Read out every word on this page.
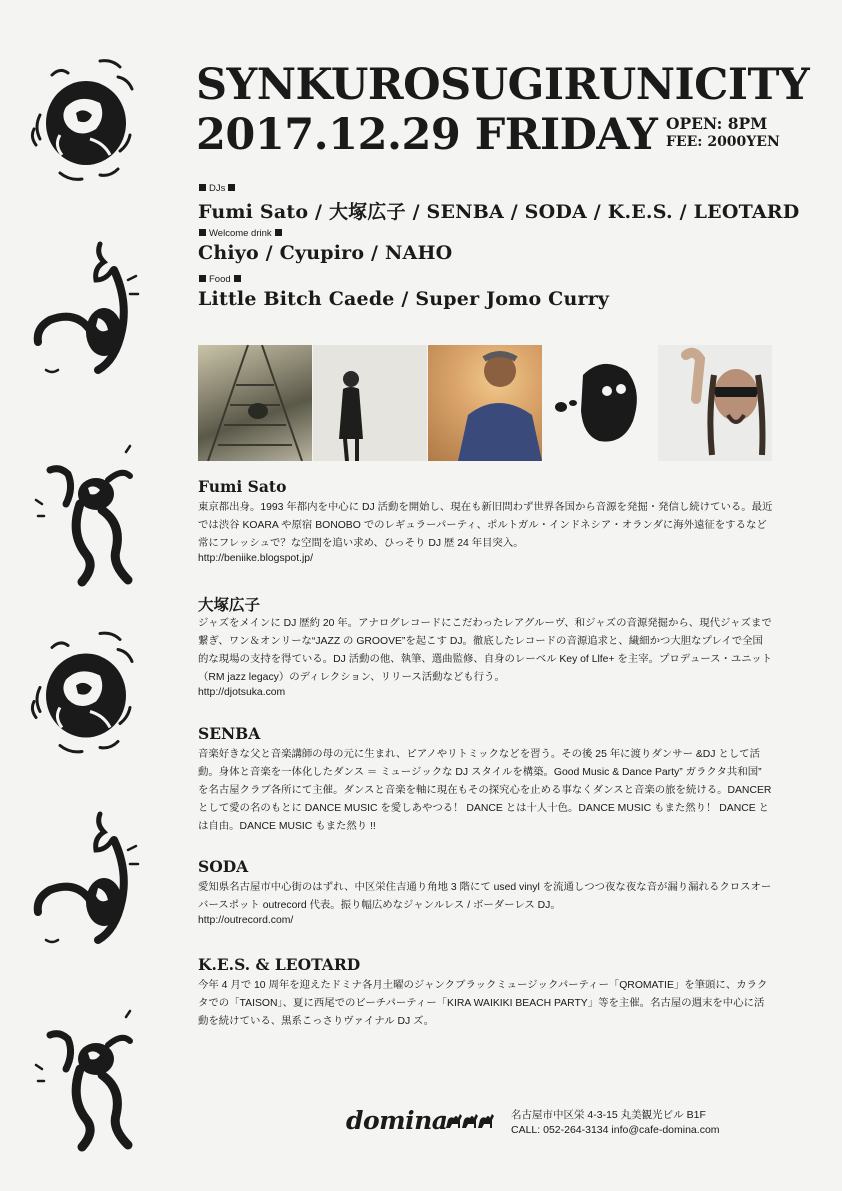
SYNKUROSUGIRUNICITY
2017.12.29 FRIDAY OPEN: 8PM
FEE: 2000YEN
DJs
Fumi Sato / 大塚広子 / SENBA / SODA / K.E.S. / LEOTARD
Welcome drink
Chiyo / Cyupiro / NAHO
Food
Little Bitch Caede / Super Jomo Curry
Fumi Sato
東京都出身。1993 年都内を中心に DJ 活動を開始し、現在も新旧問わず世界各国から音源を発掘・発信し続けている。最近では渋谷 KOARA や原宿 BONOBO でのレギュラーパーティ、ポルトガル・インドネシア・オランダに海外遠征をするなど常にフレッシュで？な空間を追い求め、ひっそり DJ 歴 24 年目突入。
http://beniike.blogspot.jp/
大塚広子
ジャズをメインに DJ 歴約 20 年。アナログレコードにこだわったレアグルーヴ、和ジャズの音源発掘から、現代ジャズまで繋ぎ、ワン＆オンリーな“JAZZ の GROOVE”を起こす DJ。徹底したレコードの音源追求と、繊細かつ大胆なプレイで全国的な現場の支持を得ている。DJ 活動の他、執筆、選曲監修、自身のレーベル Key of Llfe+ を主宰。プロデュース・ユニット（RM jazz legacy）のディレクション、リリース活動なども行う。
http://djotsuka.com
SENBA
音楽好きな父と音楽講師の母の元に生まれ、ピアノやリトミックなどを習う。その後 25 年に渡りダンサー &DJ として活動。身体と音楽を一体化したダンス ＝ ミュージックな DJ スタイルを構築。Good Music & Dance Party” ガラクタ共和国” を名古屋クラブ各所にて主催。ダンスと音楽を軸に現在もその探究心を止める事なくダンスと音楽の旅を続ける。DANCER として愛の名のもとに DANCE MUSIC を愛しあやつる！ DANCE とは十人十色。DANCE MUSIC もまた然り！ DANCE とは自由。DANCE MUSIC もまた然り !!
SODA
愛知県名古屋市中心街のはずれ、中区栄住吉通り角地 3 階にて used vinyl を流通しつつ夜な夜な音が漏り漏れるクロスオーバースポット outrecord 代表。振り幅広めなジャンルレス / ボーダーレス DJ。
http://outrecord.com/
K.E.S. & LEOTARD
今年 4 月で 10 周年を迎えたドミナ各月土曜のジャンクブラックミュージックパーティー「QROMATIE」を筆頭に、カラクタでの「TAISON」、夏に西尾でのビーチパーティー「KIRA WAIKIKI BEACH PARTY」等を主催。名古屋の週末を中心に活動を続けている、黒系こっさりヴァイナル DJ ズ。
domina	名古屋市中区栄 4-3-15 丸美観光ビル B1F
CALL: 052-264-3134 info@cafe-domina.com
